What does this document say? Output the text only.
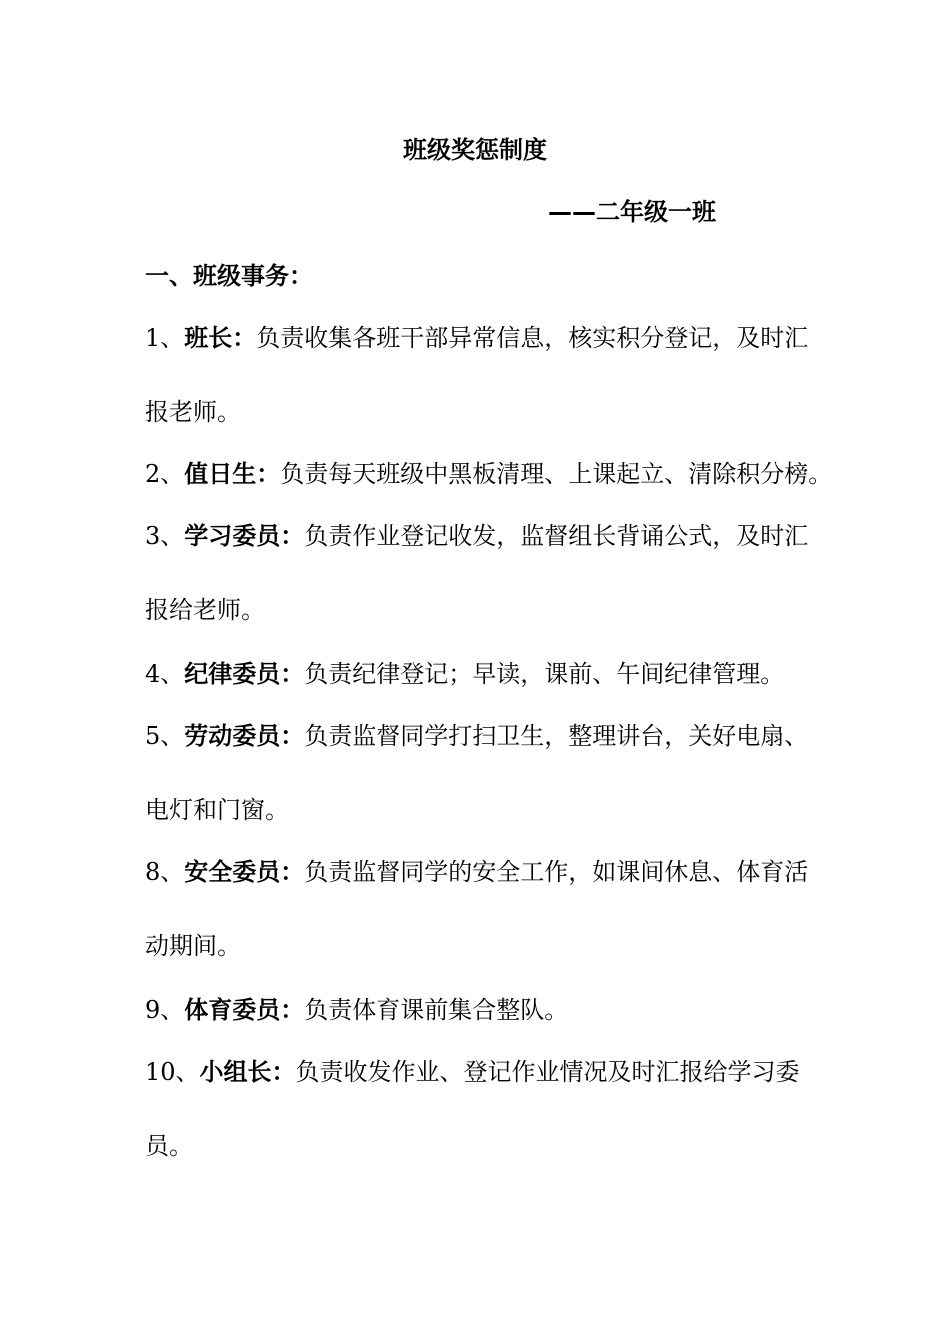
班级奖惩制度
——二年级一班
一、班级事务：
1、班长：负责收集各班干部异常信息，核实积分登记，及时汇
报老师。
2、值日生：负责每天班级中黑板清理、上课起立、清除积分榜。
3、学习委员：负责作业登记收发，监督组长背诵公式，及时汇
报给老师。
4、纪律委员：负责纪律登记；早读，课前、午间纪律管理。
5、劳动委员：负责监督同学打扫卫生，整理讲台，关好电扇、
电灯和门窗。
8、安全委员：负责监督同学的安全工作，如课间休息、体育活
动期间。
9、体育委员：负责体育课前集合整队。
10、小组长：负责收发作业、登记作业情况及时汇报给学习委
员。
